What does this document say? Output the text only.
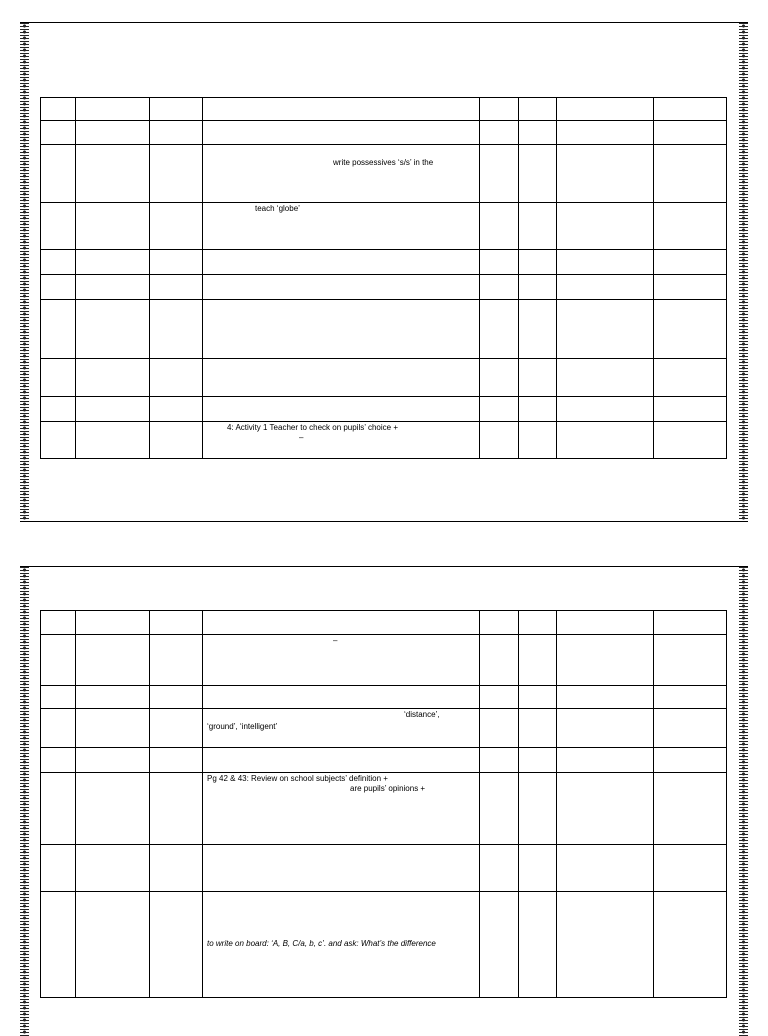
			write possessives ‘s/s’ in the				

			teach ‘globe’				

			4: Activity 1 Teacher to check on pupils’ choice +
–				

			–				

			‘distance’,
‘ground’, ‘intelligent’				

			Pg 42 & 43: Review on school subjects’ definition +
are pupils’ opinions +				

			to write on board: ‘A, B, C/a, b, c’. and ask: What’s the difference				
